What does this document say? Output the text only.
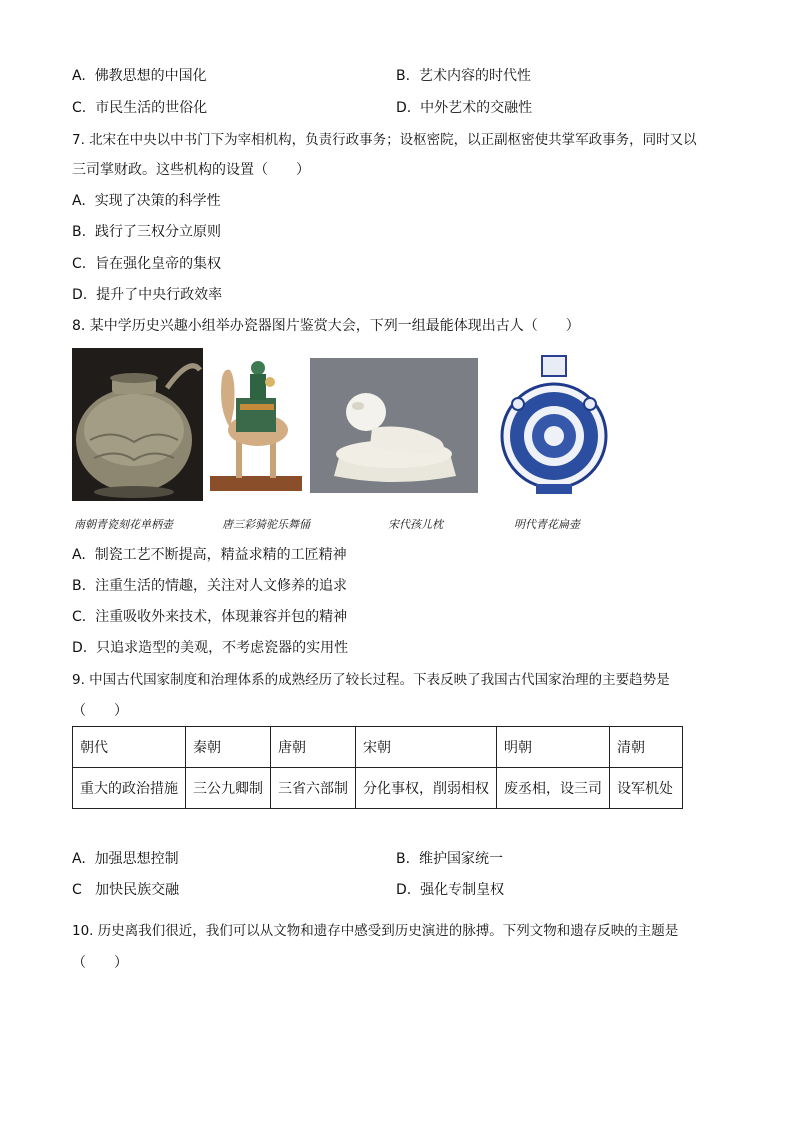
A. 佛教思想的中国化	B. 艺术内容的时代性
C. 市民生活的世俗化	D. 中外艺术的交融性
7. 北宋在中央以中书门下为宰相机构，负责行政事务；设枢密院，以正副枢密使共掌军政事务，同时又以
三司掌财政。这些机构的设置（　　）
A. 实现了决策的科学性
B. 践行了三权分立原则
C. 旨在强化皇帝的集权
D. 提升了中央行政效率
8. 某中学历史兴趣小组举办瓷器图片鉴赏大会，下列一组最能体现出古人（　　）
南朝青瓷刻花单柄壶	唐三彩骑驼乐舞俑	宋代孩儿枕	明代青花扁壶
A. 制瓷工艺不断提高，精益求精的工匠精神
B. 注重生活的情趣，关注对人文修养的追求
C. 注重吸收外来技术，体现兼容并包的精神
D. 只追求造型的美观，不考虑瓷器的实用性
9. 中国古代国家制度和治理体系的成熟经历了较长过程。下表反映了我国古代国家治理的主要趋势是
（　　）
朝代	秦朝	唐朝	宋朝	明朝	清朝
重大的政治措施	三公九卿制	三省六部制	分化事权，削弱相权	废丞相，设三司	设军机处
A. 加强思想控制	B. 维护国家统一
C 加快民族交融	D. 强化专制皇权
10. 历史离我们很近，我们可以从文物和遗存中感受到历史演进的脉搏。下列文物和遗存反映的主题是
（　　）
